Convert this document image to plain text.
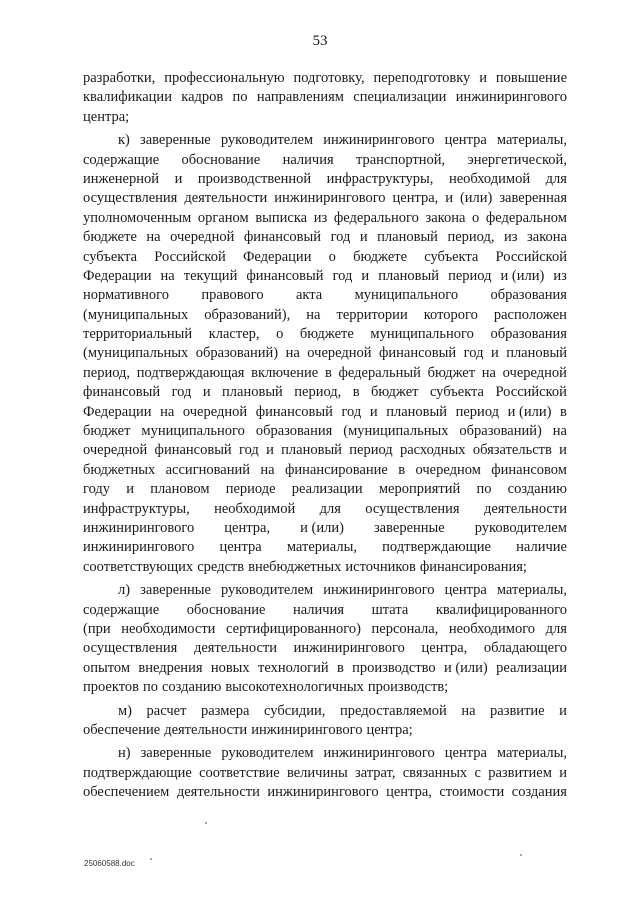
53
разработки, профессиональную подготовку, переподготовку и повышение
квалификации кадров по направлениям специализации инжинирингового
центра;
к) заверенные руководителем инжинирингового центра материалы,
содержащие обоснование наличия транспортной, энергетической,
инженерной и производственной инфраструктуры, необходимой для
осуществления деятельности инжинирингового центра, и (или) заверенная
уполномоченным органом выписка из федерального закона о федеральном
бюджете на очередной финансовый год и плановый период, из закона
субъекта Российской Федерации о бюджете субъекта Российской
Федерации на текущий финансовый год и плановый период и (или) из
нормативного правового акта муниципального образования
(муниципальных образований), на территории которого расположен
территориальный кластер, о бюджете муниципального образования
(муниципальных образований) на очередной финансовый год и плановый
период, подтверждающая включение в федеральный бюджет на очередной
финансовый год и плановый период, в бюджет субъекта Российской
Федерации на очередной финансовый год и плановый период и (или) в
бюджет муниципального образования (муниципальных образований) на
очередной финансовый год и плановый период расходных обязательств и
бюджетных ассигнований на финансирование в очередном финансовом
году и плановом периоде реализации мероприятий по созданию
инфраструктуры, необходимой для осуществления деятельности
инжинирингового центра, и (или) заверенные руководителем
инжинирингового центра материалы, подтверждающие наличие
соответствующих средств внебюджетных источников финансирования;
л) заверенные руководителем инжинирингового центра материалы,
содержащие обоснование наличия штата квалифицированного
(при необходимости сертифицированного) персонала, необходимого для
осуществления деятельности инжинирингового центра, обладающего
опытом внедрения новых технологий в производство и (или) реализации
проектов по созданию высокотехнологичных производств;
м) расчет размера субсидии, предоставляемой на развитие и
обеспечение деятельности инжинирингового центра;
н) заверенные руководителем инжинирингового центра материалы,
подтверждающие соответствие величины затрат, связанных с развитием и
обеспечением деятельности инжинирингового центра, стоимости создания
25060588.doc
